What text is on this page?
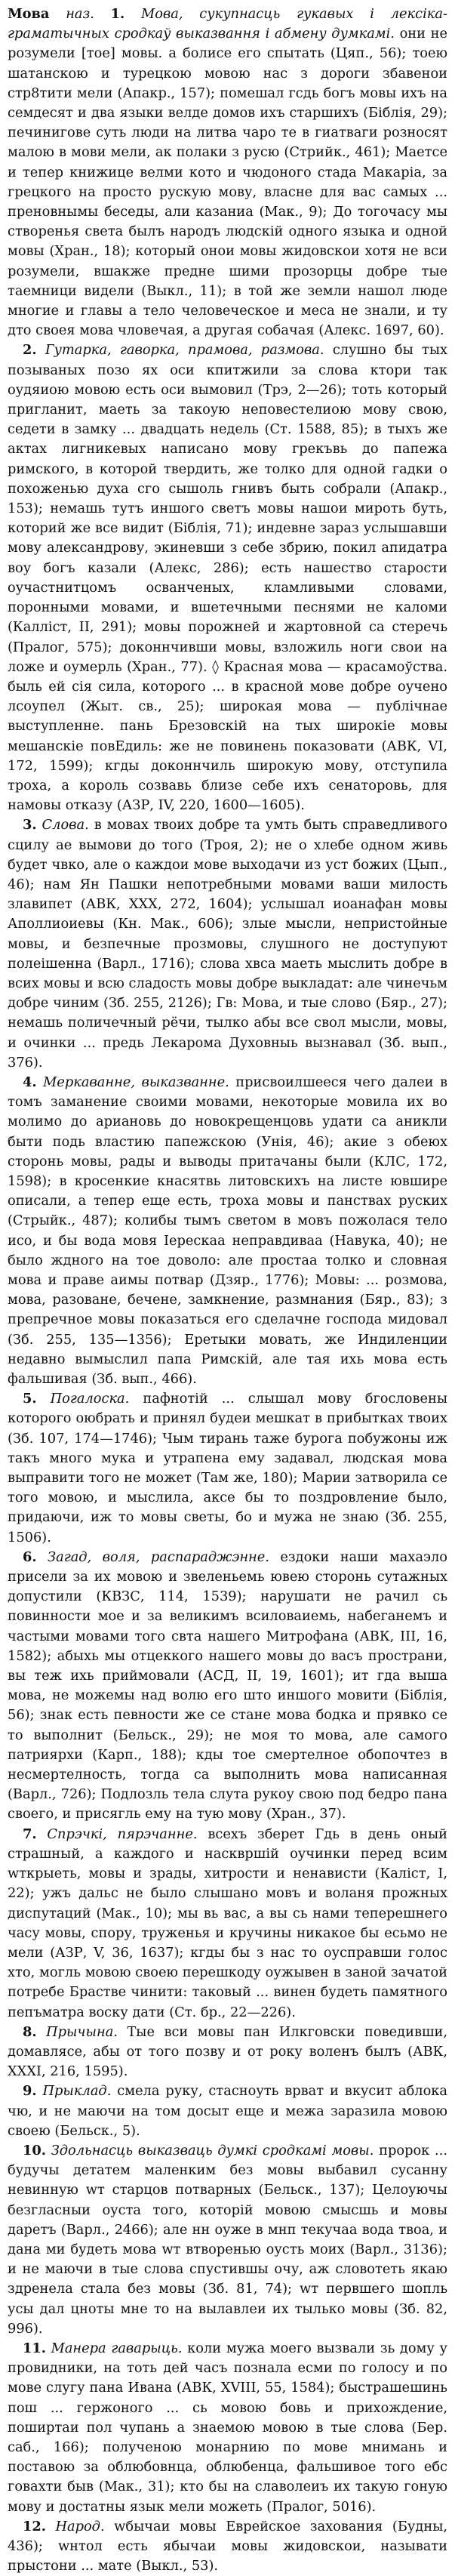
Мова наз. 1. Мова, сукупнасць гукавых і лексіка-граматычных сродкаў выказвання і абмену думкамі. они не розумели [тое] мовы. а болисе его спытать (Цяп., 56); тоею шатанскою и турецкою мовою нас з дороги збавенои стр8тити мели (Апакр., 157); помешал гсдь богъ мовы ихъ на семдесят и два языки велде домов ихъ старшихъ (Біблія, 29); печинигове суть люди на литва чаро те в гиатваги розносят малою в мови мели, ак полаки з русю (Стрийк., 461); Маетсе и тепер книжице велми кото и чюдоного стада Макаріа, за грецкого на просто рускую мову, власне для вас самых ... преновнымы беседы, али казаниа (Мак., 9); До тогочасу мы створенья света былъ народъ людскій одного языка и одной мовы (Хран., 18); который онои мовы жидовскои хотя не вси розумели, вшакже предне шими прозорцы добре тые таемници видели (Выкл., 11); в той же земли нашол люде многие и главы а тело человеческое и меса не знали, и ту дто своея мова чловечая, а другая собачая (Алекс. 1697, 60).
2. Гутарка, гаворка, прамова, размова. слушно бы тых позываных позо ях оси кпитжили за слова ктори так оудяиою мовою есть оси вымовил (Трэ, 2—26); тоть который пригланит, маеть за такоую неповестелиою мову свою, седети в замку ... двадцать недель (Ст. 1588, 85); в тыхъ же актах лигникевых написано мову грекъвь до папежа римского, в которой твердить, же толко для одной гадки о похоженью духа сго сышоль гнивъ быть собрали (Апакр., 153); немашь тутъ иншого светъ мовы нашои мироть буть, которий же все видит (Біблія, 71); индевне зараз услышавши мову александрову, экиневши з себе збрию, покил апидатра воу богъ казали (Алекс, 286); есть нашество старости оучастнитцомъ осванченых, кламливыми словами, поронными мовами, и вшетечными песнями не каломи (Калліст, II, 291); мовы порожней и жартовной са стеречь (Пралог, 575); доконнчивши мовы, взложиль ноги свои на ложе и оумерль (Хран., 77). ◊ Красная мова — красамоўства. быль ей сія сила, которого ... в красной мове добре оучено лсоупел (Жыт. св., 25); широкая мова — публічнае выступленне. пань Брезовскій на тых широкіе мовы мешанскіе повЕдиль: же не повинень показовати (АВК, VI, 172, 1599); кгды доконнчиль широкую мову, отступила троха, а король созвавь близе себе ихъ сенаторовь, для намовы отказу (АЗР, IV, 220, 1600—1605).
3. Слова. в мовах твоих добре та умть быть справедливого сцилу ае вымови до того (Троя, 2); не о хлебе одном живь будет чвко, але о каждои мове выходачи из уст божих (Цып., 46); нам Ян Пашки непотребными мовами ваши милость злавипет (АВК, ХXX, 272, 1604); услышал иоанафан мовы Аполлиоиевы (Кн. Мак., 606); злые мысли, непристойные мовы, и безпечные прозмовы, слушного не доступуют полеiшенна (Варл., 1716); слова хвса маеть мыслить добре в всих мовы и всю сладость мовы добре выкладат: але чинечьм добре чиним (Зб. 255, 2126); Гв: Мова, и тые слово (Бяр., 27); немашь поличечный рёчи, тылко абы все свол мысли, мовы, и очинки ... предь Лекарома Духовныь вызнавал (Зб. вып., 376).
4. Меркаванне, выказванне. присвоилшееся чего далеи в томъ заманение своими мовами, некоторые мовила их во молимо до ариановь до новокрещенцовь удати са аникли быти подь властию папежскою (Унія, 46); акие з обеюх сторонь мовы, рады и выводы притачаны были (КЛС, 172, 1598); в кросенкие кнасятвь литовскихъ на листе ювшире описали, а тепер еще есть, троха мовы и панствах руских (Стрыйк., 487); колибы тымъ светом в мовъ пожолася тело исо, и бы вода мовя Iерескаа неправдиваа (Навука, 40); не было ждного на тое доволо: але простаа толко и словная мова и праве аимы потвар (Дзяр., 1776); Мовы: ... розмова, мова, разоване, бечене, замкнение, размнания (Бяр., 83); з препречное мовы показаться его сделачне господа мидовал (Зб. 255, 135—1356); Еретыки мовать, же Индиленции недавно вымыслил папа Римскій, але тая ихь мова есть фальшивая (Зб. вып., 466).
5. Погалоска. пафнотій ... слышал мову бгословены которого оюбрать и принял будеи мешкат в прибытках твоих (Зб. 107, 174—1746); Чым тирань таже бурога побужоны иж такъ много мука и утрапена ему задавал, людская мова выправити того не может (Там же, 180); Марии затворила се того мовою, и мыслила, аксе бы то поздровление было, придаючи, иж то мовы светы, бо и мужа не знаю (Зб. 255, 1506).
6. Загад, воля, распараджэнне. ездоки наши махаэло присели за их мовою и звеленьемь ювею сторонь сутажных допустили (КВЗС, 114, 1539); нарушати не рачил сь повинности мое и за великимъ всиловаиемь, набеганемъ и частыми мовами того свта нашего Митрофана (АВК, III, 16, 1582); абыхь мы отцеккого нашего мовы до васъ пространи, вы теж ихь приймовали (АСД, II, 19, 1601); ит гда выша мова, не можемы над волю его што иншого мовити (Біблія, 56); знак есть певности же се стане мова бодка и прявко се то выполнит (Бельск., 29); не моя то мова, але самого патриярхи (Карп., 188); кды тое смертелное обопочтез в несмертелность, тогда са выполнить мова написанная (Варл., 726); Подлозль тела слута рукоу свою под бедро пана своего, и присягль ему на тую мову (Хран., 37).
7. Спрэчкі, пярэчанне. всехъ зберет Гдь в день оный страшный, а каждого и насквршій оучинки перед всим wткрыеть, мовы и зрады, хитрости и ненависти (Каліст, I, 22); ужъ дальс не было слышано мовъ и воланя прожных диспутаций (Мак., 10); мы вь вас, а вы сь нами теперешнего часу мовы, спору, труженья и кручины никакое бы есьмо не мели (АЗР, V, 36, 1637); кгды бы з нас то оусправши голос хто, могль мовою своею перешкоду оужывен в заной зачатой потребе Брастве чинити: таковый ... винен будеть памятного пепъматра воску дати (Ст. бр., 22—226).
8. Прычына. Тые вси мовы пан Илкговски поведивши, домавлясе, абы от того позву и от року воленъ былъ (АВК, XXXI, 216, 1595).
9. Прыклад. смела руку, стасноуть врват и вкусит аблока чю, и не маючи на том досыт еще и межа заразила мовою своею (Бельск., 5).
10. Здольнасць выказваць думкі сродкамі мовы. пророк ... будучы детатем маленким без мовы выбавил сусанну невинную wт старцов потварных (Бельск., 137); Целоуючы безгласныи оуста того, которій мовою смысшь и мовы даретъ (Варл., 2466); але нн оуже в мнп текучаа вода твоа, и дана ми будеть мова wт втворенью оусть моих (Варл., 3136); и не маючи в тые слова спустившы очу, аж словотеть якаю здренела стала без мовы (Зб. 81, 74); wт первшего шопль усы дал цноты мне то на вылавлеи их тылько мовы (Зб. 82, 996).
11. Манера гаварыць. коли мужа моего вызвали зь дому у провидники, на тоть дей часъ познала есми по голосу и по мове слугу пана Ивана (АВК, XVIII, 55, 1584); быстрашешинь пош ... гержоного ... сь мовою бовь и прихождение, поширтаи пол чупань а знаемою мовою в тые слова (Бер. саб., 166); полученою монарнию по мове мнимань и поставою за облюбовнца, облюбенца, фальшивое того ебс говахти быв (Мак., 31); кто бы на славолеиъ их такую гоную мову и достатны язык мели можеть (Пралог, 5016).
12. Народ. wбычаи мовы Еврейское захования (Будны, 436); wнтол есть ябычаи мовы жидовскои, называти прыстони ... мате (Выкл., 53).
